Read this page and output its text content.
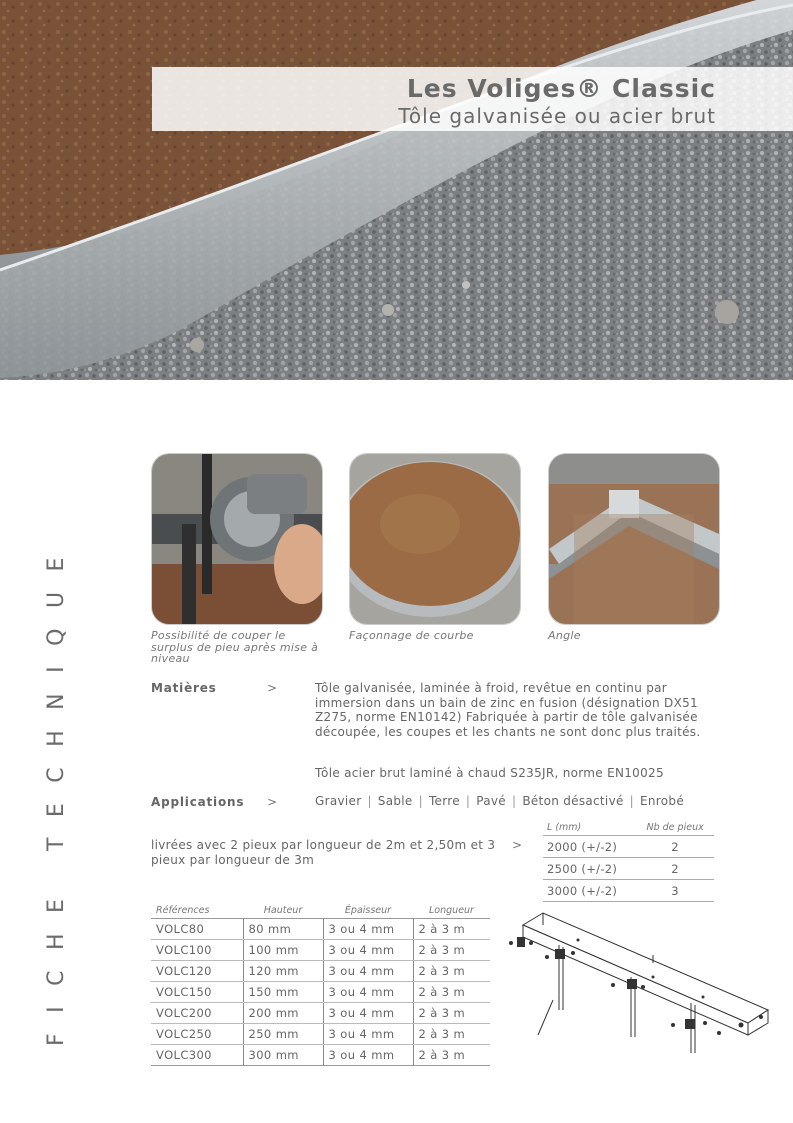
Les Voliges® Classic
Tôle galvanisée ou acier brut
FICHE TECHNIQUE	Possibilité de couper le surplus de pieu après mise à niveau
Façonnage de courbe	Angle
Matières	>	Tôle galvanisée, laminée à froid, revêtue en continu par immersion dans un bain de zinc en fusion (désignation DX51 Z275, norme EN10142) Fabriquée à partir de tôle galvanisée découpée, les coupes et les chants ne sont donc plus traités.

Tôle acier brut laminé à chaud S235JR, norme EN10025

Applications >	Gravier | Sable | Terre | Pavé | Béton désactivé | Enrobé
livrées avec 2 pieux par longueur de 2m et 2,50m et 3 pieux par longueur de 3m
>
L (mm)	Nb de pieux
2000 (+/-2)	2
2500 (+/-2)	2
3000 (+/-2)	3
Références	Hauteur	Épaisseur	Longueur
VOLC80	80 mm	3 ou 4 mm	2 à 3 m
VOLC100	100 mm	3 ou 4 mm	2 à 3 m
VOLC120	120 mm	3 ou 4 mm	2 à 3 m
VOLC150	150 mm	3 ou 4 mm	2 à 3 m
VOLC200	200 mm	3 ou 4 mm	2 à 3 m
VOLC250	250 mm	3 ou 4 mm	2 à 3 m
VOLC300	300 mm	3 ou 4 mm	2 à 3 m
